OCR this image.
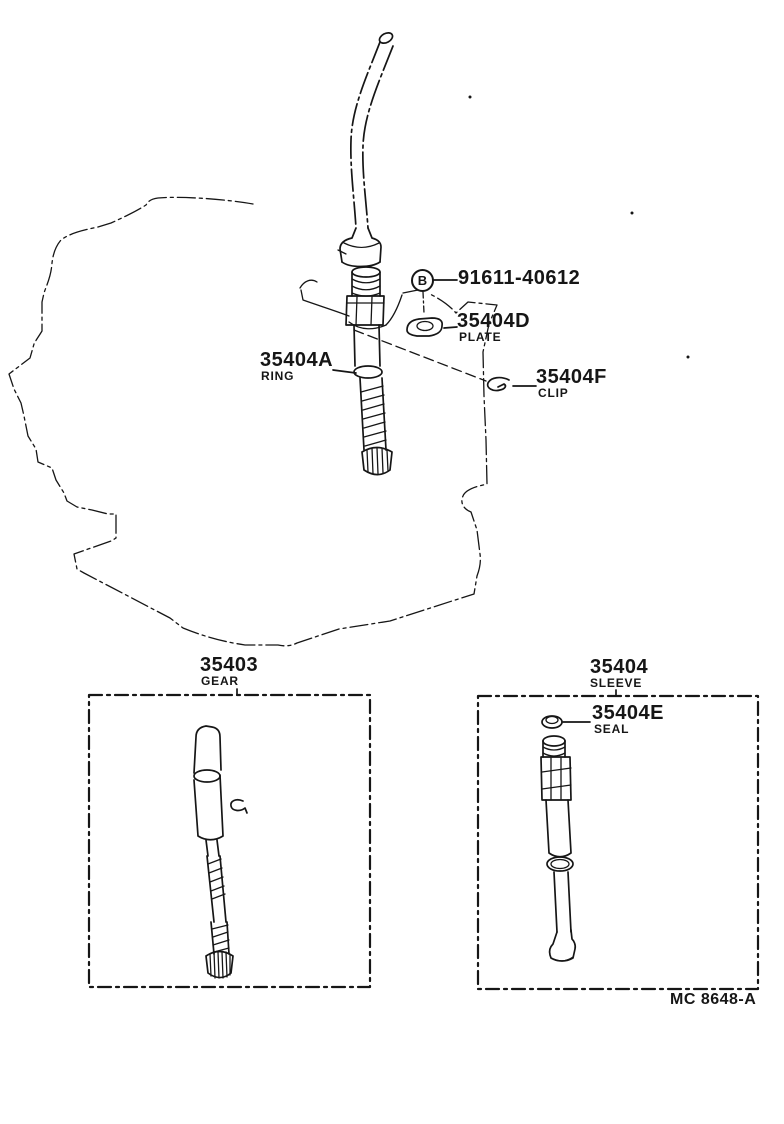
B	91611-40612
35404D
PLATE
35404A
RING	35404F
CLIP
35403
GEAR
35404
SLEEVE
35404E
SEAL
MC 8648-A
